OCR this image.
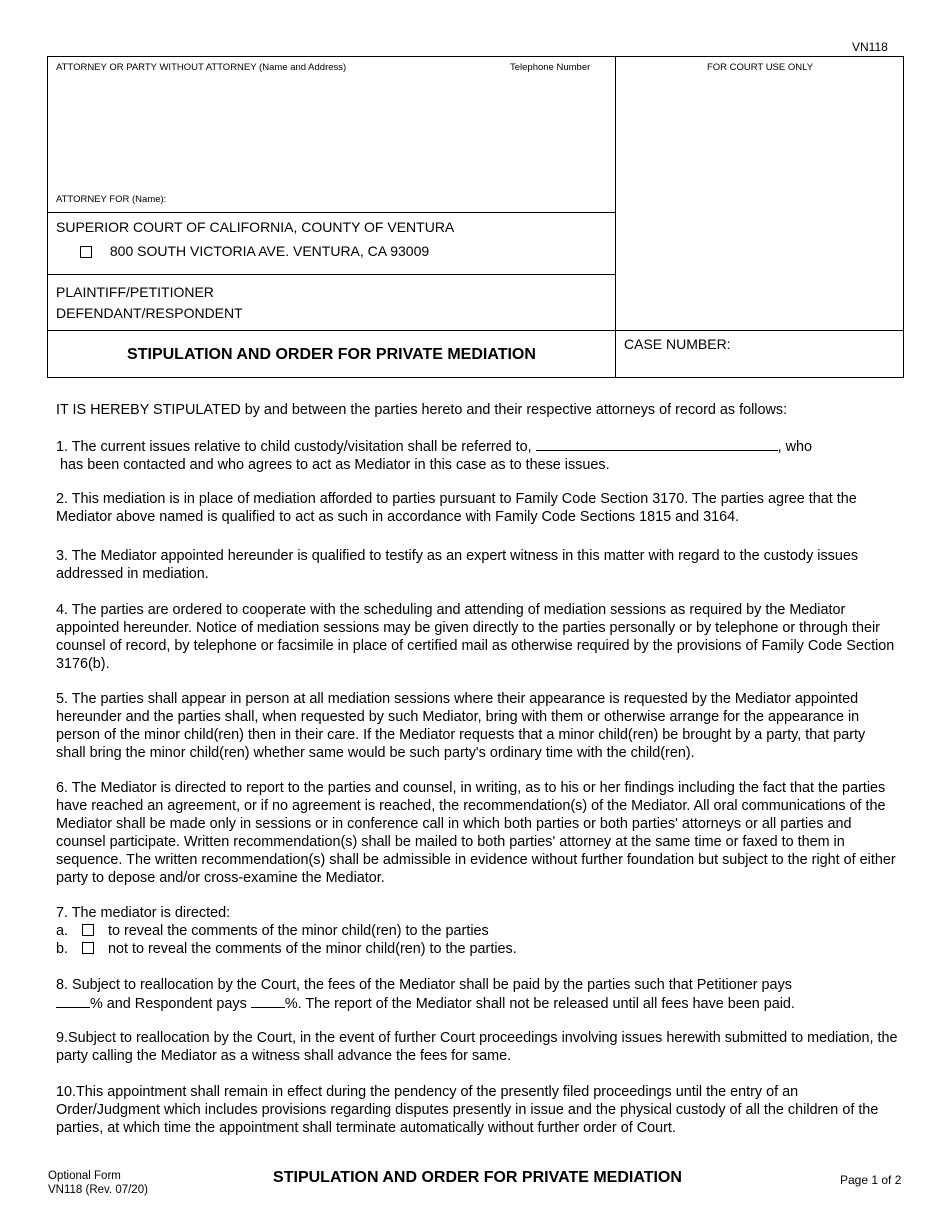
VN118
ATTORNEY OR PARTY WITHOUT ATTORNEY (Name and Address)	Telephone Number	FOR COURT USE ONLY
ATTORNEY FOR (Name):
SUPERIOR COURT OF CALIFORNIA, COUNTY OF VENTURA
800 SOUTH VICTORIA AVE. VENTURA, CA 93009
PLAINTIFF/PETITIONER
DEFENDANT/RESPONDENT
STIPULATION AND ORDER FOR PRIVATE MEDIATION
CASE NUMBER:

IT IS HEREBY STIPULATED by and between the parties hereto and their respective attorneys of record as follows:

1. The current issues relative to child custody/visitation shall be referred to,	, who
has been contacted and who agrees to act as Mediator in this case as to these issues.

2. This mediation is in place of mediation afforded to parties pursuant to Family Code Section 3170. The parties agree that the Mediator above named is qualified to act as such in accordance with Family Code Sections 1815 and 3164.

3. The Mediator appointed hereunder is qualified to testify as an expert witness in this matter with regard to the custody issues addressed in mediation.

4. The parties are ordered to cooperate with the scheduling and attending of mediation sessions as required by the Mediator appointed hereunder. Notice of mediation sessions may be given directly to the parties personally or by telephone or through their counsel of record, by telephone or facsimile in place of certified mail as otherwise required by the provisions of Family Code Section 3176(b).

5. The parties shall appear in person at all mediation sessions where their appearance is requested by the Mediator appointed hereunder and the parties shall, when requested by such Mediator, bring with them or otherwise arrange for the appearance in person of the minor child(ren) then in their care. If the Mediator requests that a minor child(ren) be brought by a party, that party shall bring the minor child(ren) whether same would be such party's ordinary time with the child(ren).

6. The Mediator is directed to report to the parties and counsel, in writing, as to his or her findings including the fact that the parties have reached an agreement, or if no agreement is reached, the recommendation(s) of the Mediator. All oral communications of the Mediator shall be made only in sessions or in conference call in which both parties or both parties' attorneys or all parties and counsel participate. Written recommendation(s) shall be mailed to both parties' attorney at the same time or faxed to them in sequence. The written recommendation(s) shall be admissible in evidence without further foundation but subject to the right of either party to depose and/or cross-examine the Mediator.

7. The mediator is directed:

a.	to reveal the comments of the minor child(ren) to the parties
b.	not to reveal the comments of the minor child(ren) to the parties.

8. Subject to reallocation by the Court, the fees of the Mediator shall be paid by the parties such that Petitioner pays
% and Respondent pays %. The report of the Mediator shall not be released until all fees have been paid.

9.Subject to reallocation by the Court, in the event of further Court proceedings involving issues herewith submitted to mediation, the party calling the Mediator as a witness shall advance the fees for same.

10.This appointment shall remain in effect during the pendency of the presently filed proceedings until the entry of an Order/Judgment which includes provisions regarding disputes presently in issue and the physical custody of all the children of the parties, at which time the appointment shall terminate automatically without further order of Court.

Optional Form
VN118 (Rev. 07/20)
STIPULATION AND ORDER FOR PRIVATE MEDIATION	Page 1 of 2
